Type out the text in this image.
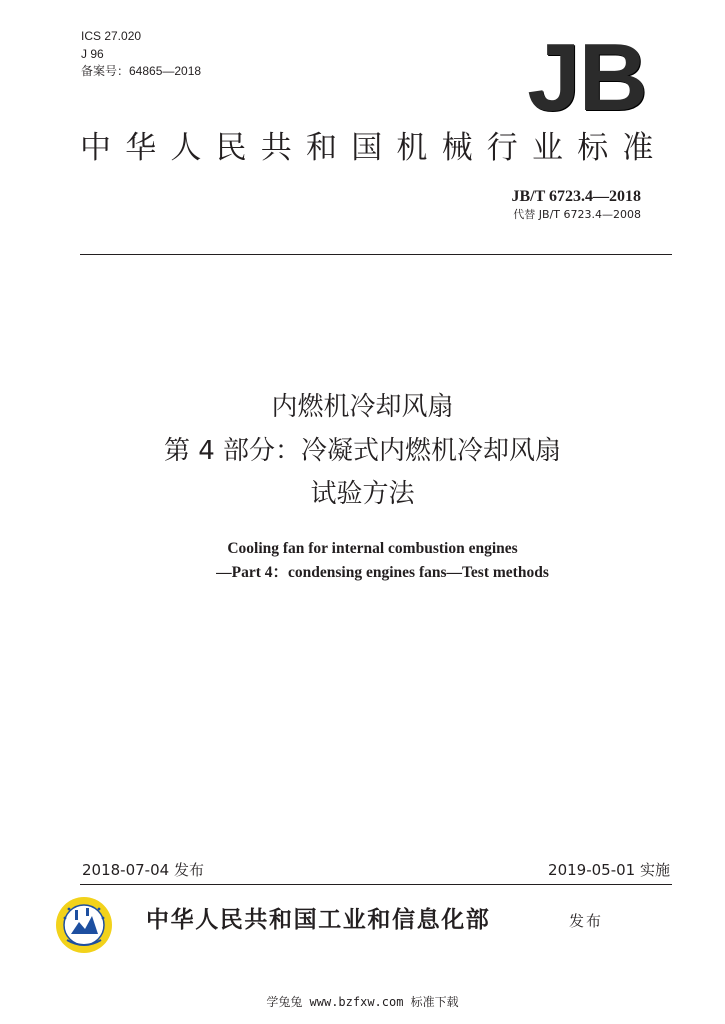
ICS 27.020
J 96
备案号：64865—2018	JB
中华人民共和国机械行业标准
JB/T 6723.4—2018
代替 JB/T 6723.4—2008
内燃机冷却风扇
第 4 部分：冷凝式内燃机冷却风扇
试验方法
Cooling fan for internal combustion engines
—Part 4：condensing engines fans—Test methods
2018-07-04 发布	2019-05-01 实施
中华人民共和国工业和信息化部	发布
学兔兔 www.bzfxw.com 标准下载
